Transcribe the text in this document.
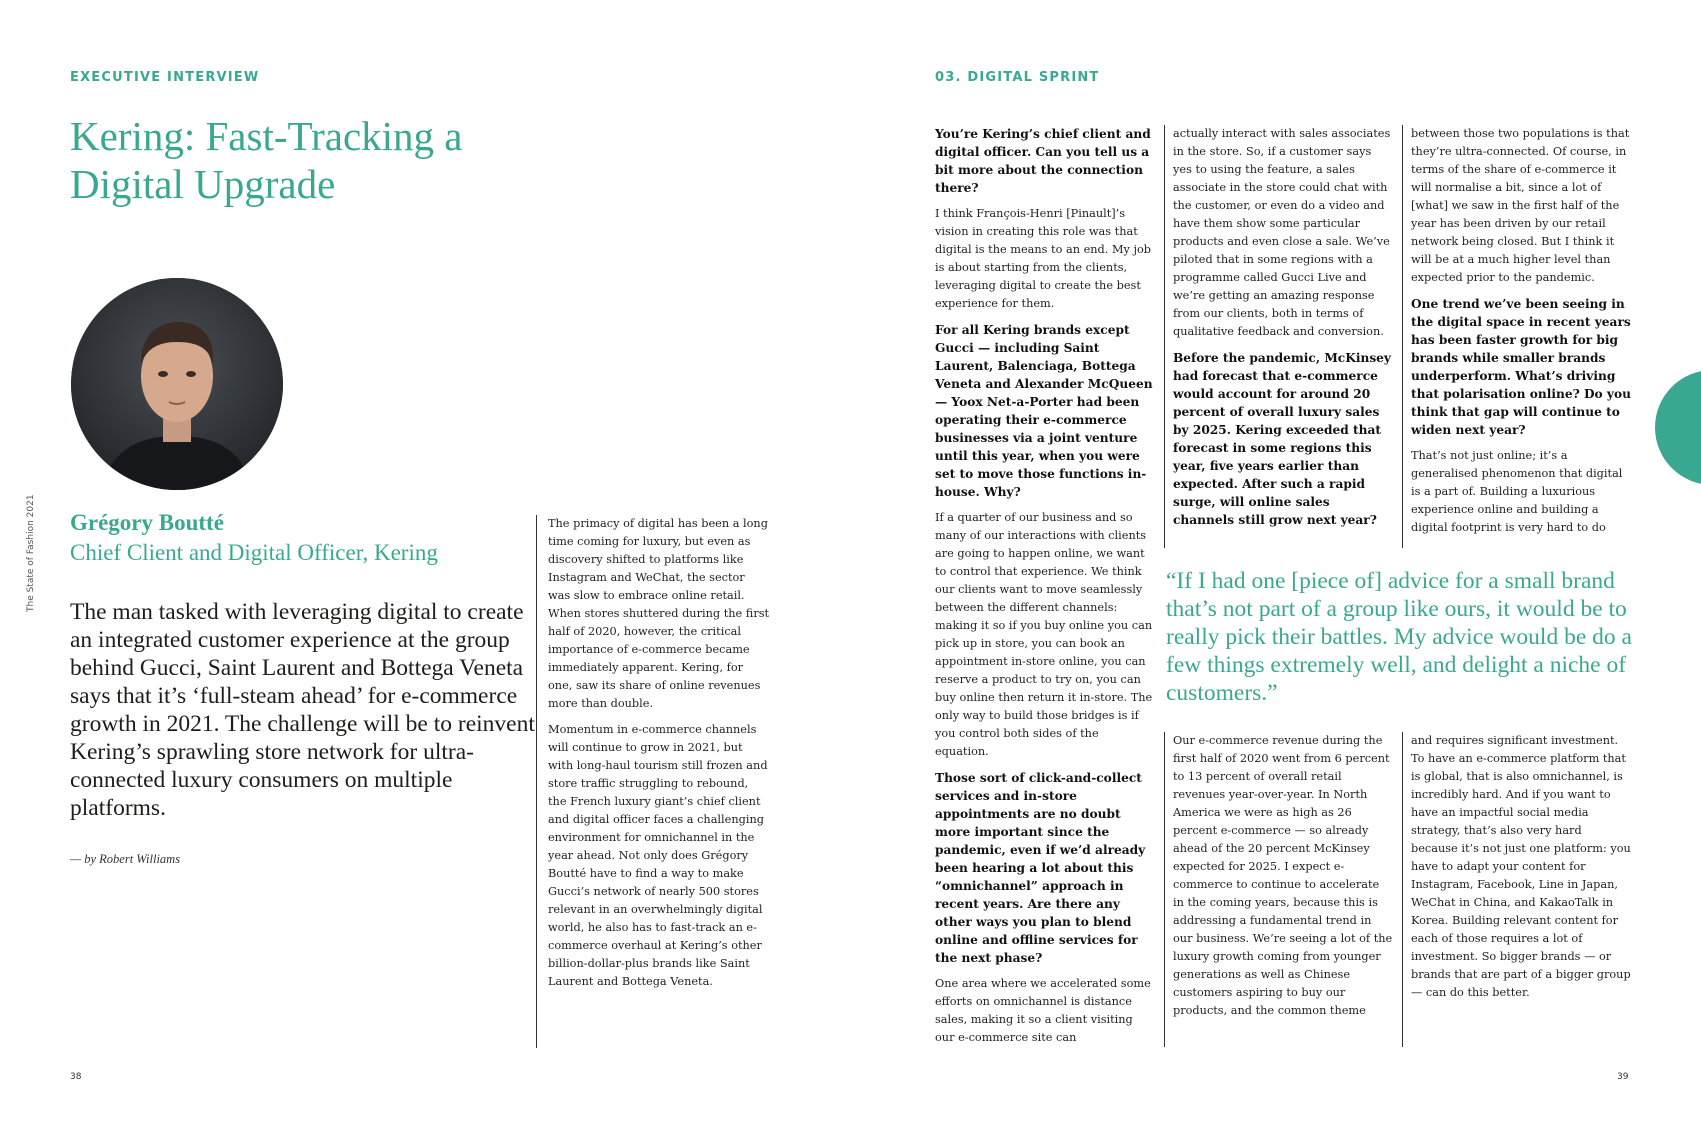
EXECUTIVE INTERVIEW
Kering: Fast-Tracking a Digital Upgrade
Grégory Boutté
Chief Client and Digital Officer, Kering
The man tasked with leveraging digital to create an integrated customer experience at the group behind Gucci, Saint Laurent and Bottega Veneta says that it’s ‘full-steam ahead’ for e-commerce growth in 2021. The challenge will be to reinvent Kering’s sprawling store network for ultra-connected luxury consumers on multiple platforms.
— by Robert Williams
The State of Fashion 2021	The primacy of digital has been a long time coming for luxury, but even as discovery shifted to platforms like Instagram and WeChat, the sector was slow to embrace online retail. When stores shuttered during the first half of 2020, however, the critical importance of e-commerce became immediately apparent. Kering, for one, saw its share of online revenues more than double.

Momentum in e-commerce channels will continue to grow in 2021, but with long-haul tourism still frozen and store traffic struggling to rebound, the French luxury giant’s chief client and digital officer faces a challenging environment for omnichannel in the year ahead. Not only does Grégory Boutté have to find a way to make Gucci’s network of nearly 500 stores relevant in an overwhelmingly digital world, he also has to fast-track an e-commerce overhaul at Kering’s other billion-dollar-plus brands like Saint Laurent and Bottega Veneta.

38
03. DIGITAL SPRINT

You’re Kering’s chief client and digital officer. Can you tell us a bit more about the connection there?

I think François-Henri [Pinault]’s vision in creating this role was that digital is the means to an end. My job is about starting from the clients, leveraging digital to create the best experience for them.

For all Kering brands except Gucci — including Saint Laurent, Balenciaga, Bottega Veneta and Alexander McQueen — Yoox Net-a-Porter had been operating their e-commerce businesses via a joint venture until this year, when you were set to move those functions in-house. Why?

If a quarter of our business and so many of our interactions with clients are going to happen online, we want to control that experience. We think our clients want to move seamlessly between the different channels: making it so if you buy online you can pick up in store, you can book an appointment in-store online, you can reserve a product to try on, you can buy online then return it in-store. The only way to build those bridges is if you control both sides of the equation.

Those sort of click-and-collect services and in-store appointments are no doubt more important since the pandemic, even if we’d already been hearing a lot about this “omnichannel” approach in recent years. Are there any other ways you plan to blend online and offline services for the next phase?

One area where we accelerated some efforts on omnichannel is distance sales, making it so a client visiting our e-commerce site can

actually interact with sales associates in the store. So, if a customer says yes to using the feature, a sales associate in the store could chat with the customer, or even do a video and have them show some particular products and even close a sale. We’ve piloted that in some regions with a programme called Gucci Live and we’re getting an amazing response from our clients, both in terms of qualitative feedback and conversion.

Before the pandemic, McKinsey had forecast that e-commerce would account for around 20 percent of overall luxury sales by 2025. Kering exceeded that forecast in some regions this year, five years earlier than expected. After such a rapid surge, will online sales channels still grow next year?

between those two populations is that they’re ultra-connected. Of course, in terms of the share of e-commerce it will normalise a bit, since a lot of [what] we saw in the first half of the year has been driven by our retail network being closed. But I think it will be at a much higher level than expected prior to the pandemic.

One trend we’ve been seeing in the digital space in recent years has been faster growth for big brands while smaller brands underperform. What’s driving that polarisation online? Do you think that gap will continue to widen next year?

That’s not just online; it’s a generalised phenomenon that digital is a part of. Building a luxurious experience online and building a digital footprint is very hard to do

“If I had one [piece of] advice for a small brand that’s not part of a group like ours, it would be to really pick their battles. My advice would be do a few things extremely well, and delight a niche of customers.”

Our e-commerce revenue during the first half of 2020 went from 6 percent to 13 percent of overall retail revenues year-over-year. In North America we were as high as 26 percent e-commerce — so already ahead of the 20 percent McKinsey expected for 2025. I expect e-commerce to continue to accelerate in the coming years, because this is addressing a fundamental trend in our business. We’re seeing a lot of the luxury growth coming from younger generations as well as Chinese customers aspiring to buy our products, and the common theme

and requires significant investment. To have an e-commerce platform that is global, that is also omnichannel, is incredibly hard. And if you want to have an impactful social media strategy, that’s also very hard because it’s not just one platform: you have to adapt your content for Instagram, Facebook, Line in Japan, WeChat in China, and KakaoTalk in Korea. Building relevant content for each of those requires a lot of investment. So bigger brands — or brands that are part of a bigger group — can do this better.

39
